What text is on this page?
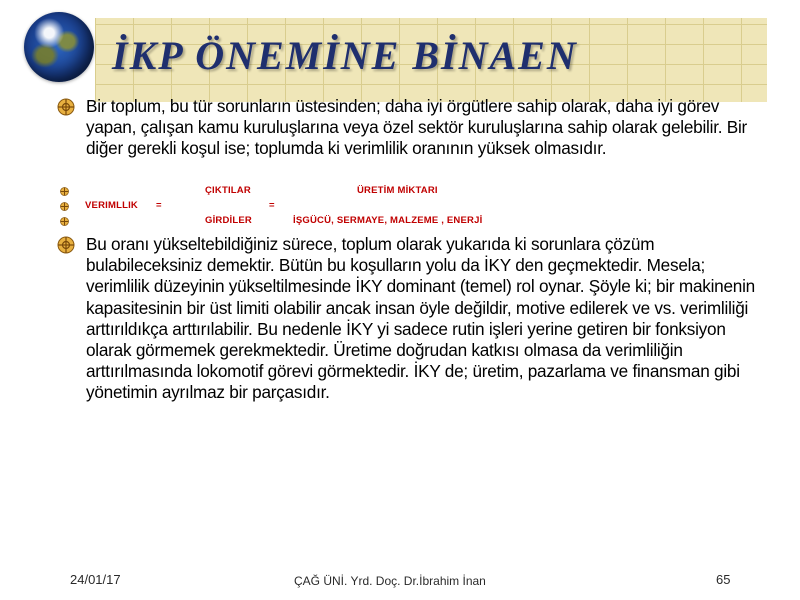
İKP ÖNEMİNE BİNAEN
Bir toplum, bu tür sorunların üstesinden; daha iyi örgütlere sahip olarak, daha iyi görev yapan, çalışan kamu kuruluşlarına veya özel sektör kuruluşlarına sahip olarak gelebilir. Bir diğer gerekli koşul ise; toplumda ki verimlilik oranının yüksek olmasıdır.
ÇIKTILAR	ÜRETİM MİKTARI
VERIMLLIK =	=
GİRDİLER	İŞGÜCÜ, SERMAYE, MALZEME , ENERJİ
Bu oranı yükseltebildiğiniz sürece, toplum olarak yukarıda ki sorunlara çözüm bulabileceksiniz demektir. Bütün bu koşulların yolu da İKY den geçmektedir. Mesela; verimlilik düzeyinin yükseltilmesinde İKY dominant (temel) rol oynar. Şöyle ki; bir makinenin kapasitesinin bir üst limiti olabilir ancak insan öyle değildir, motive edilerek ve vs. verimliliği arttırıldıkça arttırılabilir. Bu nedenle İKY yi sadece rutin işleri yerine getiren bir fonksiyon olarak görmemek gerekmektedir. Üretime doğrudan katkısı olmasa da verimliliğin arttırılmasında lokomotif görevi görmektedir. İKY de; üretim, pazarlama ve finansman gibi yönetimin ayrılmaz bir parçasıdır.
24/01/17	ÇAĞ ÜNİ. Yrd. Doç. Dr.İbrahim İnan	65
